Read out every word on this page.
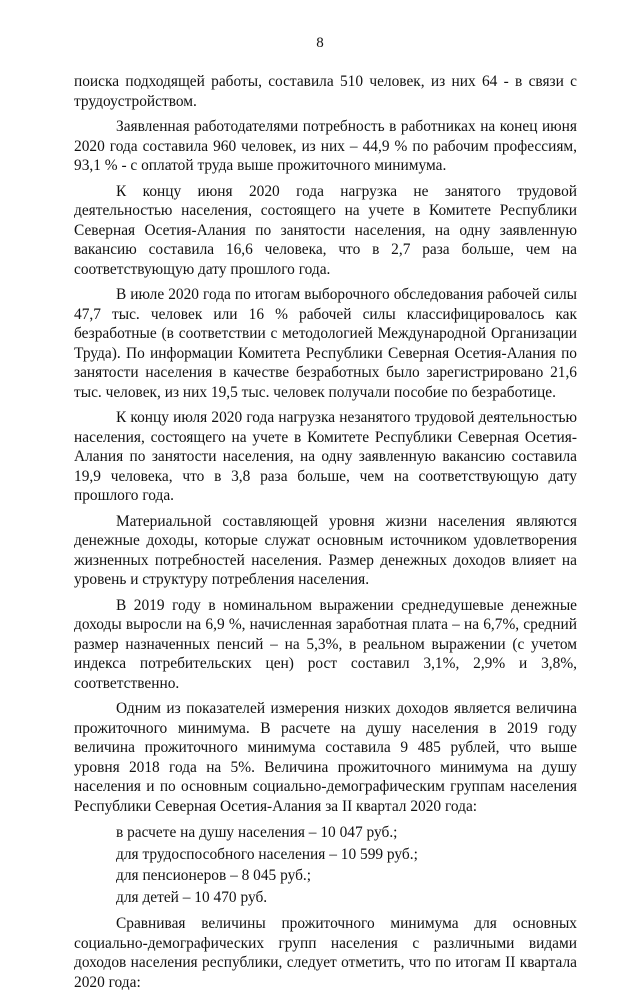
8

поиска подходящей работы, составила 510 человек, из них 64 - в связи с трудоустройством.

Заявленная работодателями потребность в работниках на конец июня 2020 года составила 960 человек, из них – 44,9 % по рабочим профессиям, 93,1 % - с оплатой труда выше прожиточного минимума.

К концу июня 2020 года нагрузка не занятого трудовой деятельностью населения, состоящего на учете в Комитете Республики Северная Осетия-Алания по занятости населения, на одну заявленную вакансию составила 16,6 человека, что в 2,7 раза больше, чем на соответствующую дату прошлого года.

В июле 2020 года по итогам выборочного обследования рабочей силы 47,7 тыс. человек или 16 % рабочей силы классифицировалось как безработные (в соответствии с методологией Международной Организации Труда). По информации Комитета Республики Северная Осетия-Алания по занятости населения в качестве безработных было зарегистрировано 21,6 тыс. человек, из них 19,5 тыс. человек получали пособие по безработице.

К концу июля 2020 года нагрузка незанятого трудовой деятельностью населения, состоящего на учете в Комитете Республики Северная Осетия-Алания по занятости населения, на одну заявленную вакансию составила 19,9 человека, что в 3,8 раза больше, чем на соответствующую дату прошлого года.

Материальной составляющей уровня жизни населения являются денежные доходы, которые служат основным источником удовлетворения жизненных потребностей населения. Размер денежных доходов влияет на уровень и структуру потребления населения.

В 2019 году в номинальном выражении среднедушевые денежные доходы выросли на 6,9 %, начисленная заработная плата – на 6,7%, средний размер назначенных пенсий – на 5,3%, в реальном выражении (с учетом индекса потребительских цен) рост составил 3,1%, 2,9% и 3,8%, соответственно.

Одним из показателей измерения низких доходов является величина прожиточного минимума. В расчете на душу населения в 2019 году величина прожиточного минимума составила 9 485 рублей, что выше уровня 2018 года на 5%. Величина прожиточного минимума на душу населения и по основным социально-демографическим группам населения Республики Северная Осетия-Алания за II квартал 2020 года:

в расчете на душу населения – 10 047 руб.;

для трудоспособного населения – 10 599 руб.;

для пенсионеров – 8 045 руб.;

для детей – 10 470 руб.

Сравнивая величины прожиточного минимума для основных социально-демографических групп населения с различными видами доходов населения республики, следует отметить, что по итогам II квартала 2020 года:
